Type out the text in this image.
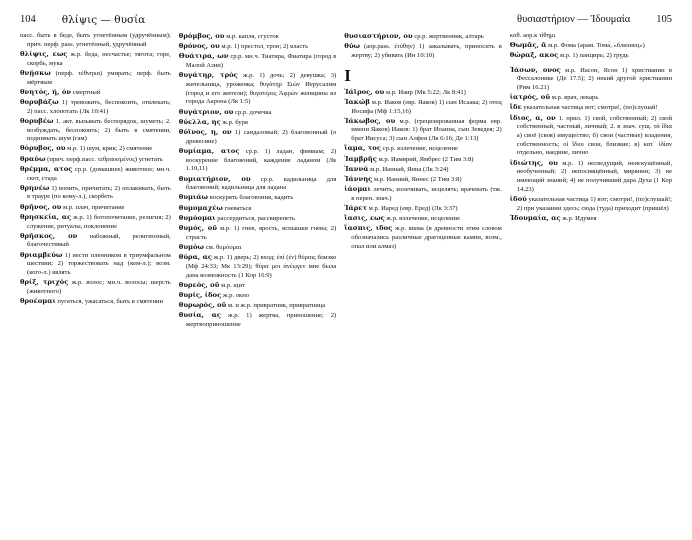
104 θλίψις — θυσία	θυσιαστήριον — Ἰδουμαία 105

пасс. быть в беде, быть угнетённым (удручённым); прич. перф. pass. угнетённый, удручённый

θλίψις, εως ж.р. беда, несчастье; тягота; горе, скорбь, мука

θνῄσκω (перф. τέθνηκα) умирать; перф. быть мёртвым

θνητός, ή, όν смертный

θορυβάζω 1) тревожить, беспокоить, отвлекать; 2) пасс. хлопотать (Лк 10:41)

θορυβέω 1. акт. вызывать беспорядок, шуметь; 2. возбуждать, беспокоить; 2) быть в смятении, поднимать шум (гам)

θόρυβος, ου м.р. 1) шум, крик; 2) смятение

θραύω (прич. перф.пасс. τεθραυσμένος) угнетать

θρέμμα, ατος ср.р. (домашнее) животное; мн.ч. скот, стада

θρηνέω 1) вопить, причитать; 2) оплакивать, быть в трауре (по кому-л.), скорбеть

θρῆνος, ου м.р. плач, причитание

θρησκεία, ας ж.р. 1) богопочитание, религия; 2) служение, ритуалы, поклонение

θρῆσκος, ον набожный, религиозный, благочестивый

θριαμβεύω 1) вести пленником в триумфальном шествии; 2) торжествовать над (кем-л.); возм. (кого-л.) являть

θρίξ, τριχός ж.р. волос; мн.ч. волосы; шерсть (животного)

θροέομαι пугаться, ужасаться, быть в смятении

θρόμβος, ου м.р. капля, сгусток

θρόνος, ου м.р. 1) престол, трон; 2) власть

Θυάτιρα, ων ср.р. мн.ч. Тиатира, Фиатира (город в Малой Азии)

θυγάτηρ, τρός ж.р. 1) дочь; 2) девушка; 3) жительница, уроженка; θυγάτηρ Σιών Иерусалим (город и его жители); θυγατέρες Ἀφρών женщины из города Аарона (Лк 1:5)

θυγάτριον, ου ср.р. дочечка

θύελλα, ης ж.р. буря

θύϊνος, η, ον 1) сандаловый; 2) благовонный (о древесине)

θυμίαμα, ατος ср.р. 1) ладан, фимиам; 2) воскурение благовоний, каждение ладаном (Лк 1.10,11)

θυμιατήριον, ου ср.р. кадильница для благовоний; кадильница для ладана

θυμιάω воскурять благовония, кадить

θυμομαχέω гневаться

θυμόομαι рассердиться, рассвирепеть

θυμός, οῦ м.р. 1) гнев, ярость, вспышки гнева; 2) страсть

θυμόω см. θυμόομαι

θύρα, ας ж.р. 1) дверь; 2) вход; ἐπὶ (ἐν) θύραις близко (Мф 24:33; Мк 13:29); θύρα μοι ἀνέῳγεν мне была дана возможность (1 Кор 16:9)

θυρεός, οῦ м.р. щит

θυρίς, ίδος ж.р. окно

θυρωρός, οῦ м. и ж.р. привратник, привратница

θυσία, ας ж.р. 1) жертва, приношение; 2) жертвоприношение

θυσιαστήριον, ου ср.р. жертвенник, алтарь

θύω (аор.pass. ἐτύθην) 1) закалывать, приносить в жертву; 2) убивать (Ин 10:10)

I

Ἰάϊρος, ου м.р. Иаир (Мк 5:22; Лк 8:41)

Ἰακώβ м.р. Иаков (евр. Яаков) 1) сын Исаака; 2) отец Иосифа (Мф 1:15,16)

Ἰάκωβος, ου м.р. (грецизированная форма евр. имени Яаков) Иаков: 1) брат Иоанна, сын Зеведея; 2) брат Иисуса; 3) сын Алфея (Лк 6:16; Де 1:13)

ἴαμα, τος ср.р. излечение, исцеление

Ἰαμβρῆς м.р. Иамврий, Ямбрес (2 Тим 3:8)

Ἰαννά м.р. Ианнай, Янна (Лк 3:24)

Ἰάννης м.р. Ианний, Яннес (2 Тим 3:8)

ἰάομαι лечить, излечивать, исцелять; врачевать (тж. в перен. знач.)

Ἰάρετ м.р. Иаред (евр. Еред) (Лк 3:37)

ἴασις, εως ж.р. излечение, исцеление

ἴασπις, ιδος ж.р. яшма (в древности этим словом обозначались различные драгоценные камни, возм., опал или алмаз)

καθ. аор.к τίθημι

Θωμᾶς, ᾶ м.р. Фома (арам. Тома́, «близнец»)

θώραξ, ακος м.р. 1) панцирь; 2) грудь

Ἰάσων, ονος м.р. Иасон, Ясон 1) христианин в Фессалонике (Де 17.5); 2) некий другой христианин (Рим 16.21)

ἰατρός, οῦ м.р. врач, лекарь

ἴδε указательная частица вот; смотри!, (по)слушай!

ἴδιος, α, ον 1. прил. 1) свой, собственный; 2) свой собственный, частный, личный; 2. в знач. сущ. τὰ ἴδια а) своё (своя) имущество; б) свои (частные) владения, собственность; οἱ ἴδιοι свои, близкие; в) κατ᾽ ἰδίαν отдельно, наедине, лично

ἰδιώτης, ου м.р. 1) несведущий, неискушённый, необученный; 2) непосвящённый, мирянин; 3) не имеющий знаний; 4) не получивший дара Духа (1 Кор 14.23)

ἰδού указательная частица 1) вот; смотри!, (по)слушай!; 2) при указании здесь; сюда (туда) приходит (пришёл)

Ἰδουμαία, ας ж.р. Идумея
